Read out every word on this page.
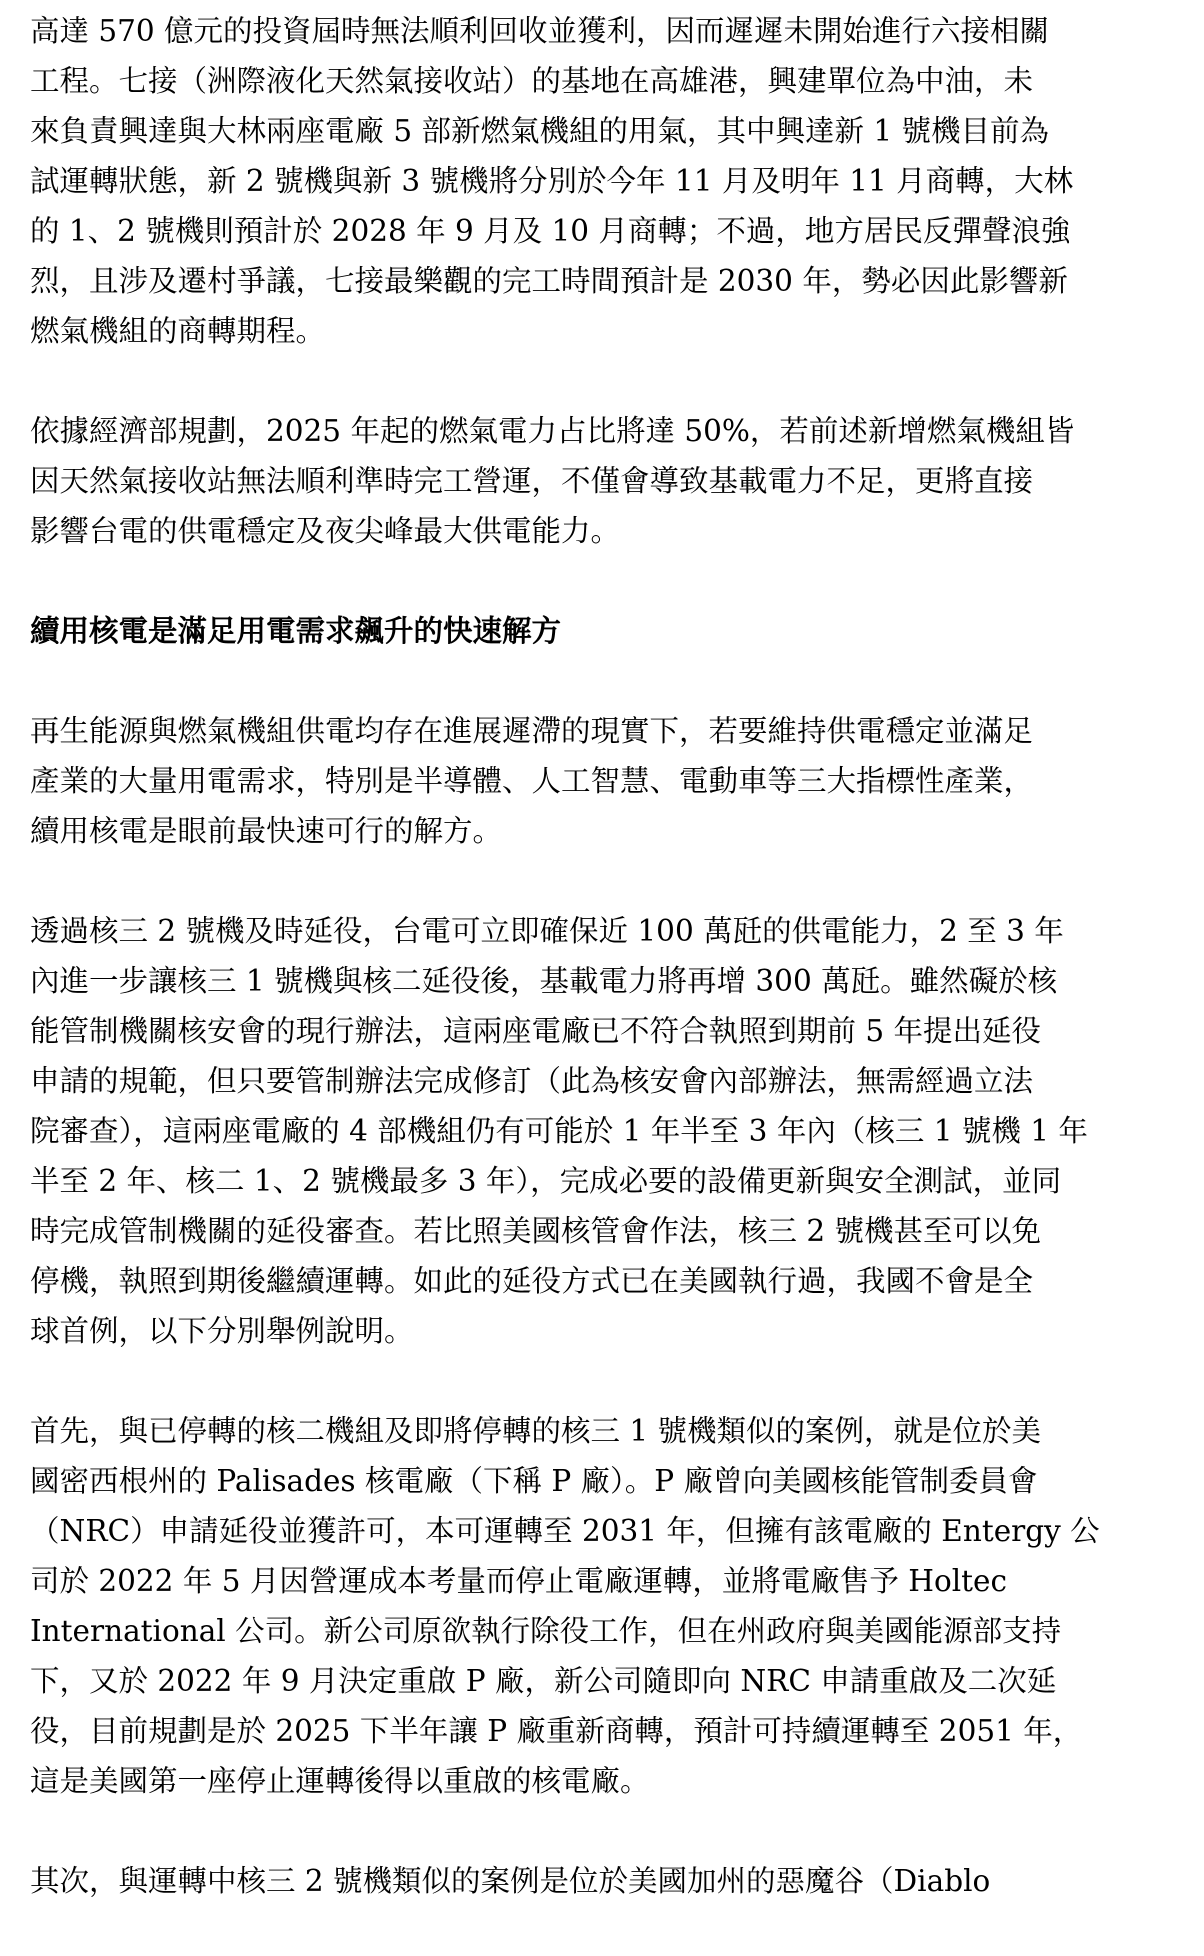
高達 570 億元的投資屆時無法順利回收並獲利，因而遲遲未開始進行六接相關
工程。七接（洲際液化天然氣接收站）的基地在高雄港，興建單位為中油，未
來負責興達與大林兩座電廠 5 部新燃氣機組的用氣，其中興達新 1 號機目前為
試運轉狀態，新 2 號機與新 3 號機將分別於今年 11 月及明年 11 月商轉，大林
的 1、2 號機則預計於 2028 年 9 月及 10 月商轉；不過，地方居民反彈聲浪強
烈，且涉及遷村爭議，七接最樂觀的完工時間預計是 2030 年，勢必因此影響新
燃氣機組的商轉期程。
依據經濟部規劃，2025 年起的燃氣電力占比將達 50%，若前述新增燃氣機組皆
因天然氣接收站無法順利準時完工營運，不僅會導致基載電力不足，更將直接
影響台電的供電穩定及夜尖峰最大供電能力。
續用核電是滿足用電需求飆升的快速解方
再生能源與燃氣機組供電均存在進展遲滯的現實下，若要維持供電穩定並滿足
產業的大量用電需求，特別是半導體、人工智慧、電動車等三大指標性產業，
續用核電是眼前最快速可行的解方。
透過核三 2 號機及時延役，台電可立即確保近 100 萬瓩的供電能力，2 至 3 年
內進一步讓核三 1 號機與核二延役後，基載電力將再增 300 萬瓩。雖然礙於核
能管制機關核安會的現行辦法，這兩座電廠已不符合執照到期前 5 年提出延役
申請的規範，但只要管制辦法完成修訂（此為核安會內部辦法，無需經過立法
院審查），這兩座電廠的 4 部機組仍有可能於 1 年半至 3 年內（核三 1 號機 1 年
半至 2 年、核二 1、2 號機最多 3 年），完成必要的設備更新與安全測試，並同
時完成管制機關的延役審查。若比照美國核管會作法，核三 2 號機甚至可以免
停機，執照到期後繼續運轉。如此的延役方式已在美國執行過，我國不會是全
球首例，以下分別舉例說明。
首先，與已停轉的核二機組及即將停轉的核三 1 號機類似的案例，就是位於美
國密西根州的 Palisades 核電廠（下稱 P 廠）。P 廠曾向美國核能管制委員會
（NRC）申請延役並獲許可，本可運轉至 2031 年，但擁有該電廠的 Entergy 公
司於 2022 年 5 月因營運成本考量而停止電廠運轉，並將電廠售予 Holtec
International 公司。新公司原欲執行除役工作，但在州政府與美國能源部支持
下，又於 2022 年 9 月決定重啟 P 廠，新公司隨即向 NRC 申請重啟及二次延
役，目前規劃是於 2025 下半年讓 P 廠重新商轉，預計可持續運轉至 2051 年，
這是美國第一座停止運轉後得以重啟的核電廠。
其次，與運轉中核三 2 號機類似的案例是位於美國加州的惡魔谷（Diablo
